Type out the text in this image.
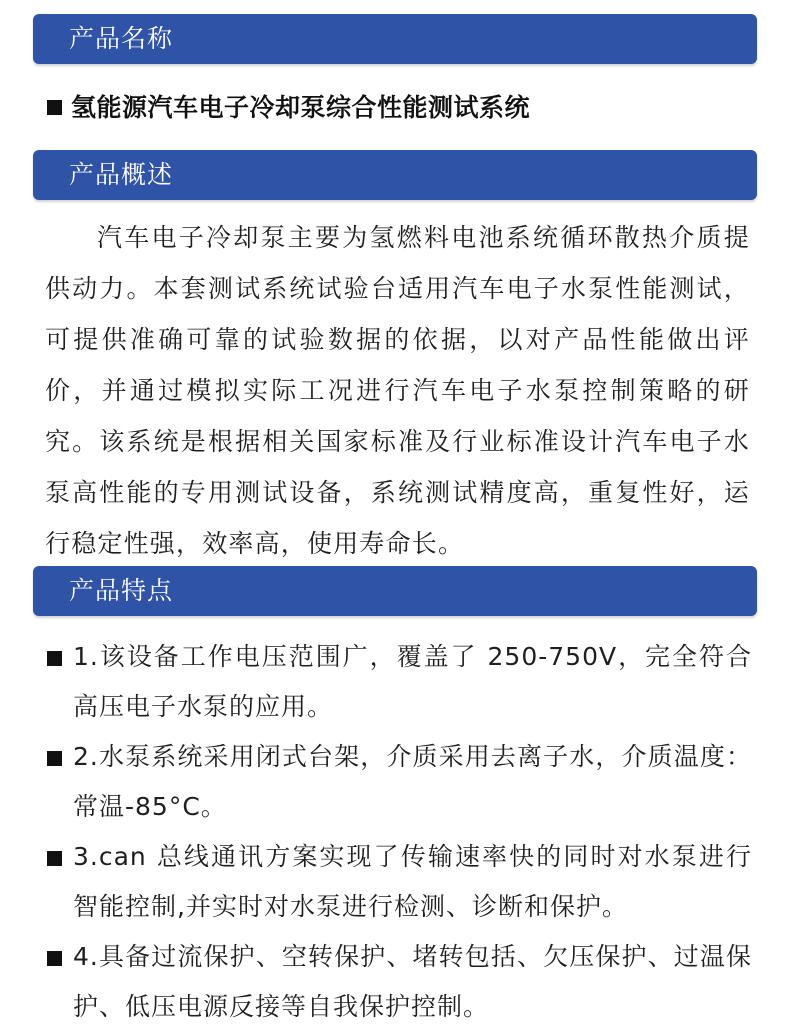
产品名称
氢能源汽车电子冷却泵综合性能测试系统
产品概述

汽车电子冷却泵主要为氢燃料电池系统循环散热介质提供动力。本套测试系统试验台适用汽车电子水泵性能测试，可提供准确可靠的试验数据的依据，以对产品性能做出评价，并通过模拟实际工况进行汽车电子水泵控制策略的研究。该系统是根据相关国家标准及行业标准设计汽车电子水泵高性能的专用测试设备，系统测试精度高，重复性好，运行稳定性强，效率高，使用寿命长。

产品特点
1.该设备工作电压范围广，覆盖了 250-750V，完全符合高压电子水泵的应用。
2.水泵系统采用闭式台架，介质采用去离子水，介质温度：常温-85°C。
3.can 总线通讯方案实现了传输速率快的同时对水泵进行智能控制,并实时对水泵进行检测、诊断和保护。
4.具备过流保护、空转保护、堵转包括、欠压保护、过温保护、低压电源反接等自我保护控制。
